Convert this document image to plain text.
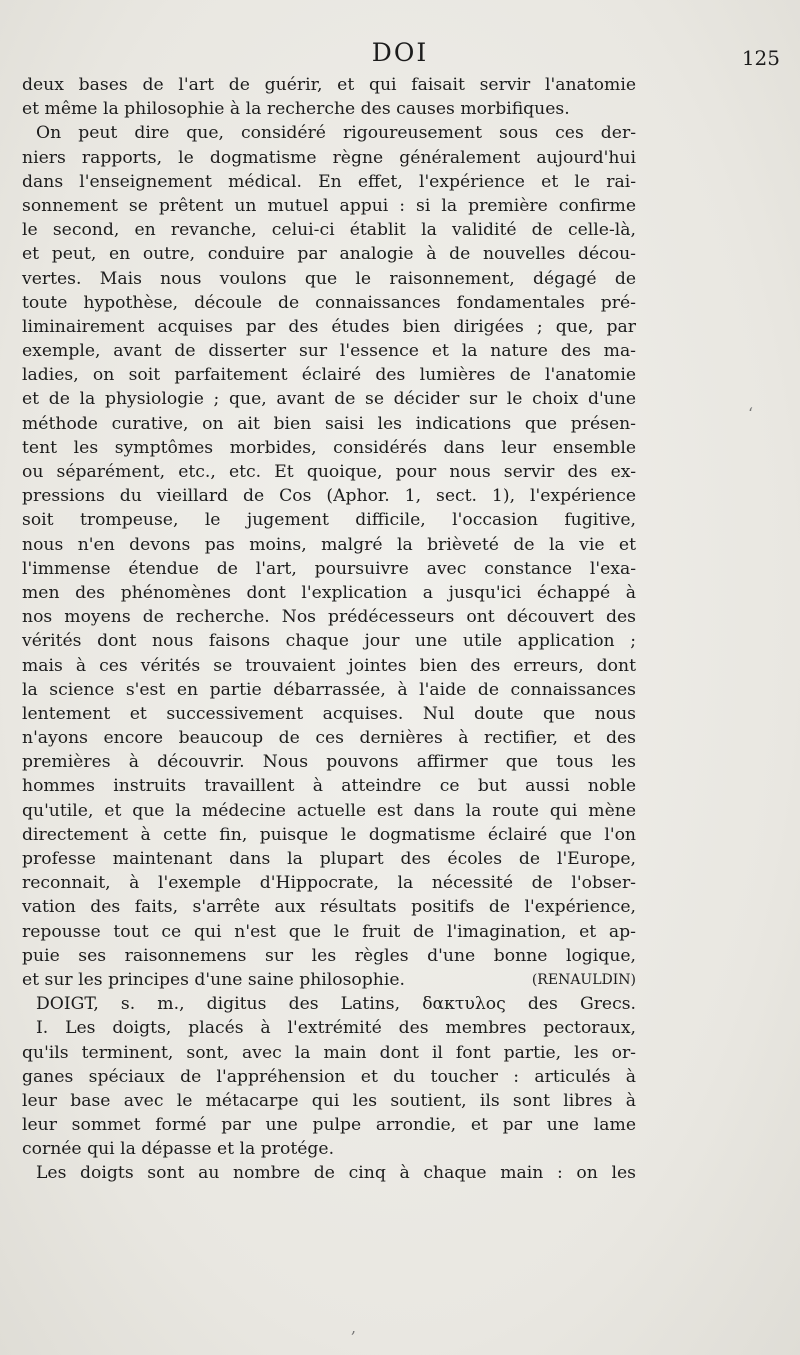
DOI	125
deux bases de l'art de guérir, et qui faisait servir l'anatomie
et même la philosophie à la recherche des causes morbifiques.
On peut dire que, considéré rigoureusement sous ces der-
niers rapports, le dogmatisme règne généralement aujourd'hui
dans l'enseignement médical. En effet, l'expérience et le rai-
sonnement se prêtent un mutuel appui : si la première confirme
le second, en revanche, celui-ci établit la validité de celle-là,
et peut, en outre, conduire par analogie à de nouvelles décou-
vertes. Mais nous voulons que le raisonnement, dégagé de
toute hypothèse, découle de connaissances fondamentales pré-
liminairement acquises par des études bien dirigées ; que, par
exemple, avant de disserter sur l'essence et la nature des ma-
ladies, on soit parfaitement éclairé des lumières de l'anatomie
et de la physiologie ; que, avant de se décider sur le choix d'une
méthode curative, on ait bien saisi les indications que présen-
tent les symptômes morbides, considérés dans leur ensemble
ou séparément, etc., etc. Et quoique, pour nous servir des ex-
pressions du vieillard de Cos (Aphor. 1, sect. 1), l'expérience
soit trompeuse, le jugement difficile, l'occasion fugitive,
nous n'en devons pas moins, malgré la brièveté de la vie et
l'immense étendue de l'art, poursuivre avec constance l'exa-
men des phénomènes dont l'explication a jusqu'ici échappé à
nos moyens de recherche. Nos prédécesseurs ont découvert des
vérités dont nous faisons chaque jour une utile application ;
mais à ces vérités se trouvaient jointes bien des erreurs, dont
la science s'est en partie débarrassée, à l'aide de connaissances
lentement et successivement acquises. Nul doute que nous
n'ayons encore beaucoup de ces dernières à rectifier, et des
premières à découvrir. Nous pouvons affirmer que tous les
hommes instruits travaillent à atteindre ce but aussi noble
qu'utile, et que la médecine actuelle est dans la route qui mène
directement à cette fin, puisque le dogmatisme éclairé que l'on
professe maintenant dans la plupart des écoles de l'Europe,
reconnait, à l'exemple d'Hippocrate, la nécessité de l'obser-
vation des faits, s'arrête aux résultats positifs de l'expérience,
repousse tout ce qui n'est que le fruit de l'imagination, et ap-
puie ses raisonnemens sur les règles d'une bonne logique,
et sur les principes d'une saine philosophie.	(RENAULDIN)
DOIGT, s. m., digitus des Latins, δακτυλος des Grecs.
I. Les doigts, placés à l'extrémité des membres pectoraux,
qu'ils terminent, sont, avec la main dont il font partie, les or-
ganes spéciaux de l'appréhension et du toucher : articulés à
leur base avec le métacarpe qui les soutient, ils sont libres à
leur sommet formé par une pulpe arrondie, et par une lame
cornée qui la dépasse et la protége.
Les doigts sont au nombre de cinq à chaque main : on les
‘
,
